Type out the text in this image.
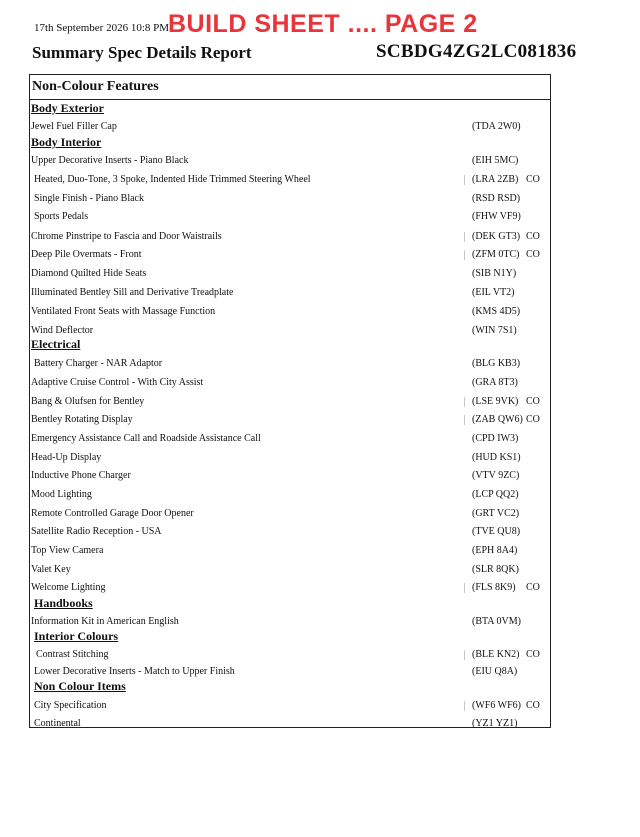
17th September 2026 10:8 PM
BUILD SHEET .... PAGE 2
Summary Spec Details Report	SCBDG4ZG2LC081836
Non-Colour Features
Body Exterior
Jewel Fuel Filler Cap	(TDA 2W0)
Body Interior
Upper Decorative Inserts - Piano Black	(EIH 5MC)
Heated, Duo-Tone, 3 Spoke, Indented Hide Trimmed Steering Wheel	(LRA 2ZB) CO
Single Finish - Piano Black	(RSD RSD)
Sports Pedals	(FHW VF9)
Chrome Pinstripe to Fascia and Door Waistrails	(DEK GT3) CO
Deep Pile Overmats - Front	(ZFM 0TC) CO
Diamond Quilted Hide Seats	(SIB N1Y)
Illuminated Bentley Sill and Derivative Treadplate	(EIL VT2)
Ventilated Front Seats with Massage Function	(KMS 4D5)
Wind Deflector	(WIN 7S1)
Electrical
Battery Charger - NAR Adaptor	(BLG KB3)
Adaptive Cruise Control - With City Assist	(GRA 8T3)
Bang & Olufsen for Bentley	(LSE 9VK) CO
Bentley Rotating Display	(ZAB QW6) CO
Emergency Assistance Call and Roadside Assistance Call	(CPD IW3)
Head-Up Display	(HUD KS1)
Inductive Phone Charger	(VTV 9ZC)
Mood Lighting	(LCP QQ2)
Remote Controlled Garage Door Opener	(GRT VC2)
Satellite Radio Reception - USA	(TVE QU8)
Top View Camera	(EPH 8A4)
Valet Key	(SLR 8QK)
Welcome Lighting	(FLS 8K9) CO
Handbooks
Information Kit in American English	(BTA 0VM)
Interior Colours
Contrast Stitching	(BLE KN2) CO
Lower Decorative Inserts - Match to Upper Finish	(EIU Q8A)
Non Colour Items
City Specification	(WF6 WF6) CO
Continental	(YZ1 YZ1)
